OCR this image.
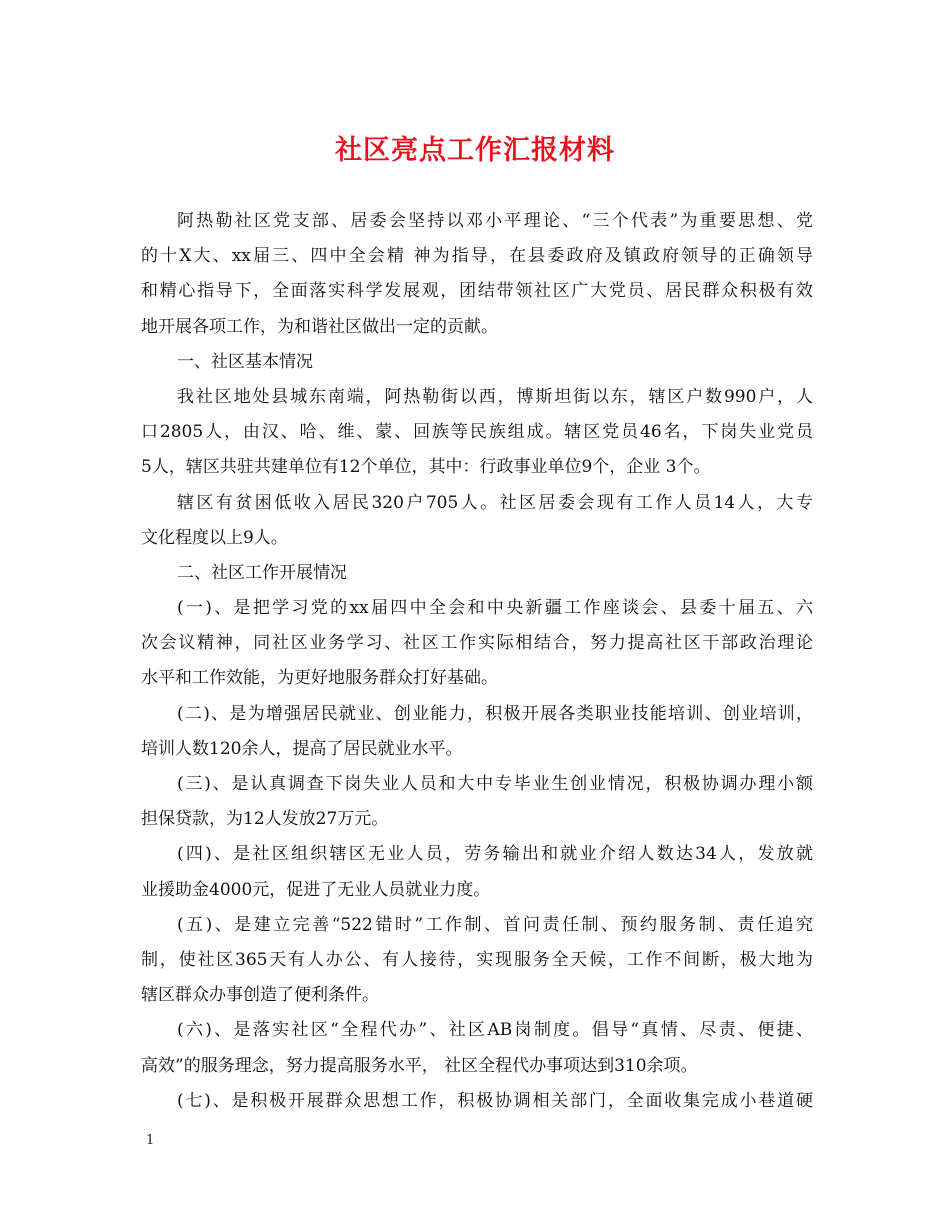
社区亮点工作汇报材料
阿热勒社区党支部、居委会坚持以邓小平理论、“三个代表”为重要思想、党
的十X大、xx届三、四中全会精 神为指导，在县委政府及镇政府领导的正确领导
和精心指导下，全面落实科学发展观，团结带领社区广大党员、居民群众积极有效
地开展各项工作，为和谐社区做出一定的贡献。
一、社区基本情况
我社区地处县城东南端，阿热勒街以西，博斯坦街以东，辖区户数990户，人
口2805人，由汉、哈、维、蒙、回族等民族组成。辖区党员46名，下岗失业党员
5人，辖区共驻共建单位有12个单位，其中：行政事业单位9个，企业 3个。
辖区有贫困低收入居民320户705人。社区居委会现有工作人员14人，大专
文化程度以上9人。
二、社区工作开展情况
(一)、是把学习党的xx届四中全会和中央新疆工作座谈会、县委十届五、六
次会议精神，同社区业务学习、社区工作实际相结合，努力提高社区干部政治理论
水平和工作效能，为更好地服务群众打好基础。
(二)、是为增强居民就业、创业能力，积极开展各类职业技能培训、创业培训，
培训人数120余人，提高了居民就业水平。
(三)、是认真调查下岗失业人员和大中专毕业生创业情况，积极协调办理小额
担保贷款，为12人发放27万元。
(四)、是社区组织辖区无业人员，劳务输出和就业介绍人数达34人，发放就
业援助金4000元，促进了无业人员就业力度。
(五)、是建立完善“522错时”工作制、首问责任制、预约服务制、责任追究
制，使社区365天有人办公、有人接待，实现服务全天候，工作不间断，极大地为
辖区群众办事创造了便利条件。
(六)、是落实社区“全程代办”、社区AB岗制度。倡导“真情、尽责、便捷、
高效”的服务理念，努力提高服务水平， 社区全程代办事项达到310余项。
(七)、是积极开展群众思想工作，积极协调相关部门，全面收集完成小巷道硬
1
